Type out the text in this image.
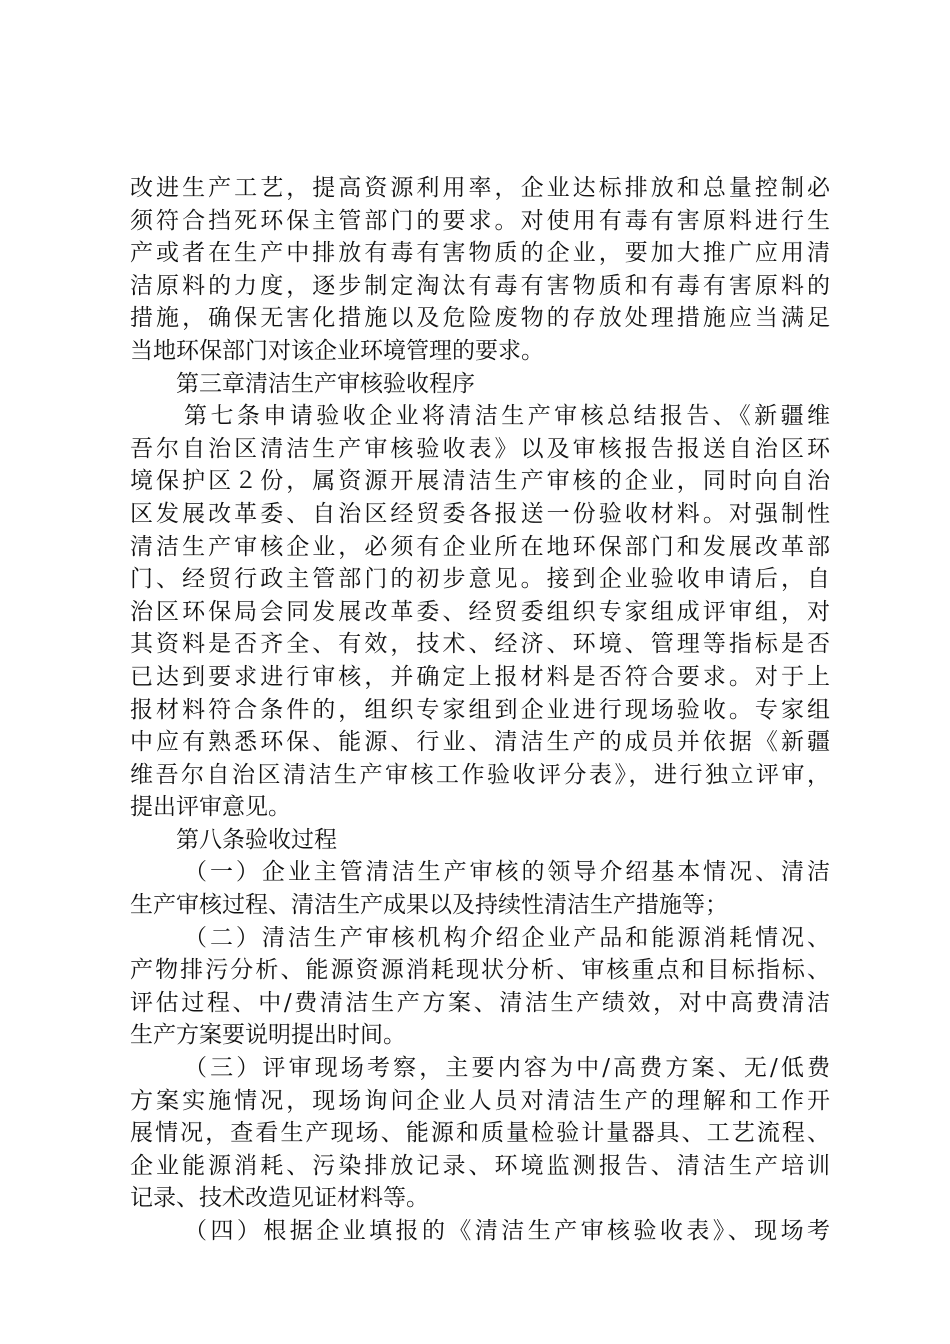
改进生产工艺，提高资源利用率，企业达标排放和总量控制必
须符合挡死环保主管部门的要求。对使用有毒有害原料进行生
产或者在生产中排放有毒有害物质的企业，要加大推广应用清
洁原料的力度，逐步制定淘汰有毒有害物质和有毒有害原料的
措施，确保无害化措施以及危险废物的存放处理措施应当满足
当地环保部门对该企业环境管理的要求。
第三章清洁生产审核验收程序
第七条申请验收企业将清洁生产审核总结报告、《新疆维
吾尔自治区清洁生产审核验收表》以及审核报告报送自治区环
境保护区２份，属资源开展清洁生产审核的企业，同时向自治
区发展改革委、自治区经贸委各报送一份验收材料。对强制性
清洁生产审核企业，必须有企业所在地环保部门和发展改革部
门、经贸行政主管部门的初步意见。接到企业验收申请后，自
治区环保局会同发展改革委、经贸委组织专家组成评审组，对
其资料是否齐全、有效，技术、经济、环境、管理等指标是否
已达到要求进行审核，并确定上报材料是否符合要求。对于上
报材料符合条件的，组织专家组到企业进行现场验收。专家组
中应有熟悉环保、能源、行业、清洁生产的成员并依据《新疆
维吾尔自治区清洁生产审核工作验收评分表》，进行独立评审，
提出评审意见。
第八条验收过程
（一）企业主管清洁生产审核的领导介绍基本情况、清洁
生产审核过程、清洁生产成果以及持续性清洁生产措施等；
（二）清洁生产审核机构介绍企业产品和能源消耗情况、
产物排污分析、能源资源消耗现状分析、审核重点和目标指标、
评估过程、中/费清洁生产方案、清洁生产绩效，对中高费清洁
生产方案要说明提出时间。
（三）评审现场考察，主要内容为中/高费方案、无/低费
方案实施情况，现场询问企业人员对清洁生产的理解和工作开
展情况，查看生产现场、能源和质量检验计量器具、工艺流程、
企业能源消耗、污染排放记录、环境监测报告、清洁生产培训
记录、技术改造见证材料等。
（四）根据企业填报的《清洁生产审核验收表》、现场考
